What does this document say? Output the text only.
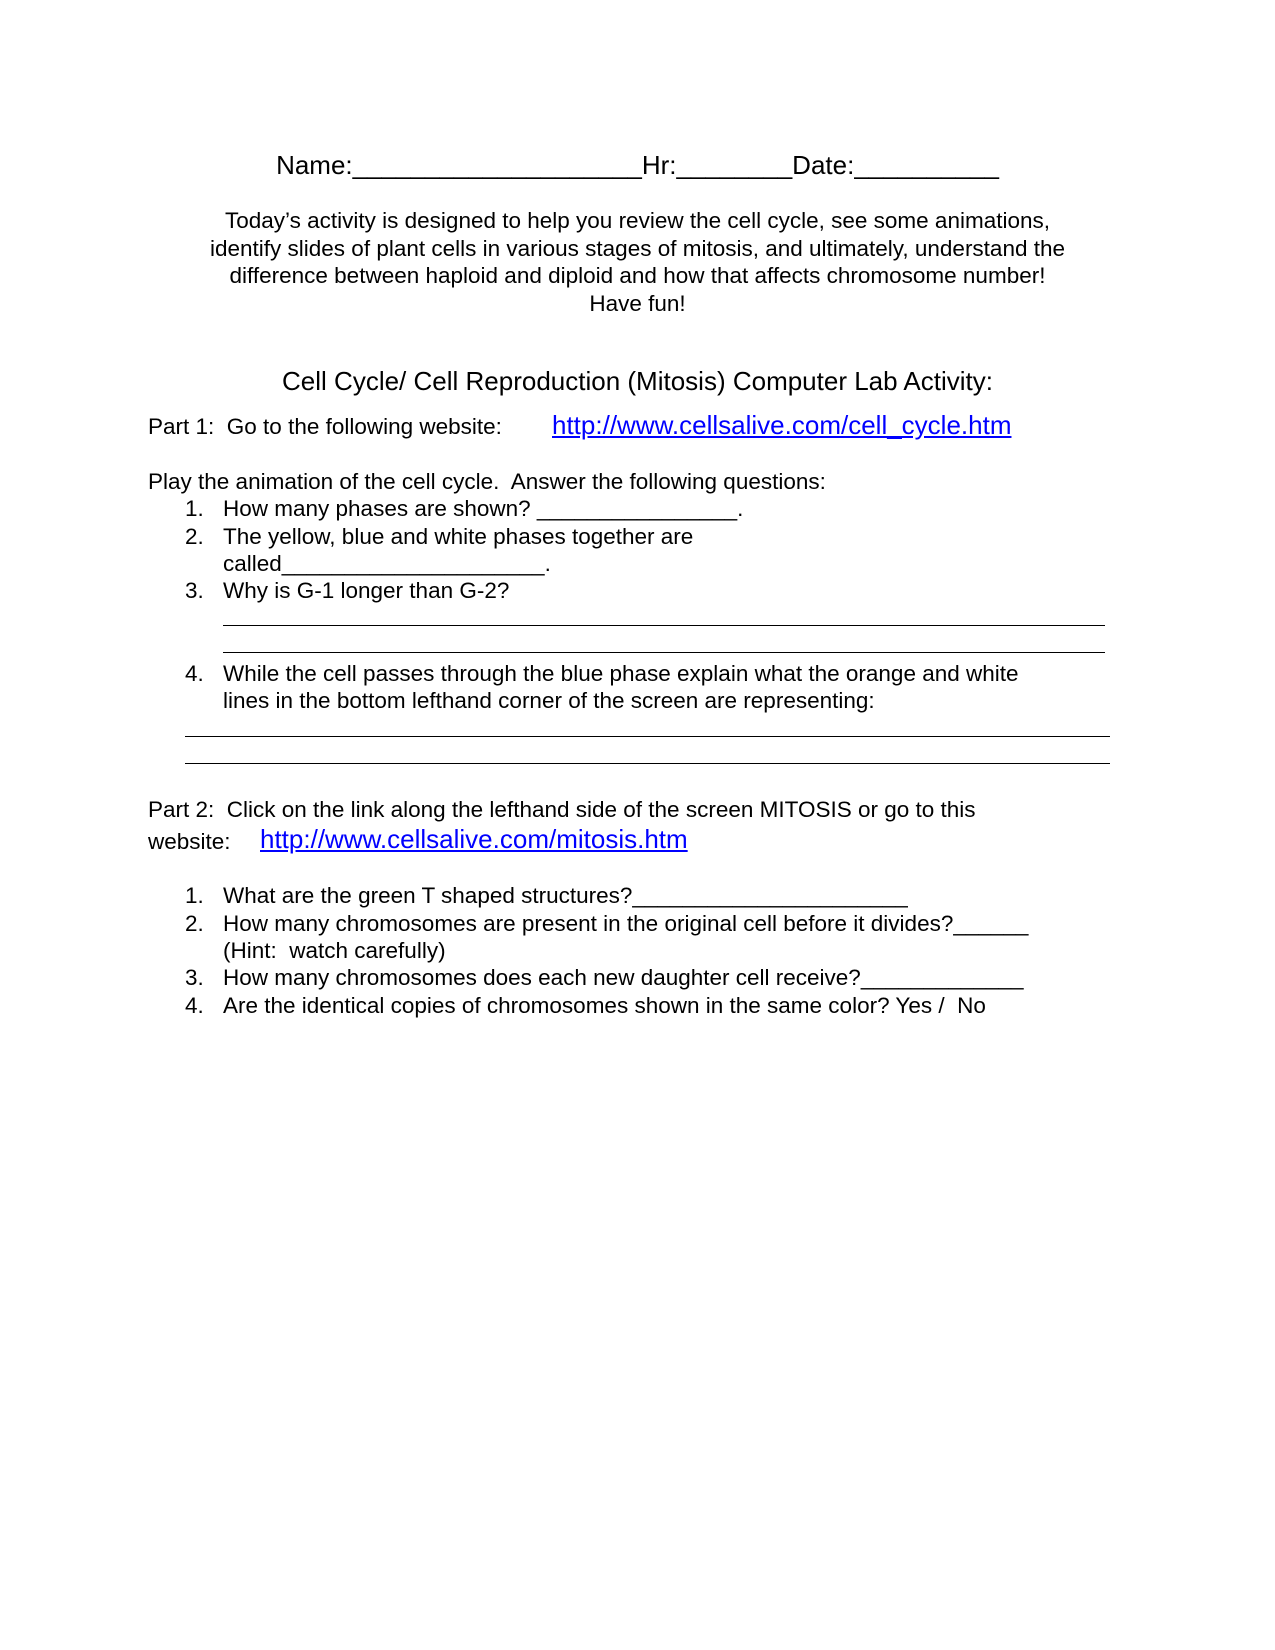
Name:____________________Hr:________Date:__________
Today’s activity is designed to help you review the cell cycle, see some animations,
identify slides of plant cells in various stages of mitosis, and ultimately, understand the
difference between haploid and diploid and how that affects chromosome number!
Have fun!
Cell Cycle/ Cell Reproduction (Mitosis) Computer Lab Activity:
Part 1:  Go to the following website: http://www.cellsalive.com/cell_cycle.htm
Play the animation of the cell cycle.  Answer the following questions:
1. How many phases are shown? ________________.
2. The yellow, blue and white phases together are
called_____________________.
3. Why is G-1 longer than G-2?
4. While the cell passes through the blue phase explain what the orange and white
lines in the bottom lefthand corner of the screen are representing:
Part 2:  Click on the link along the lefthand side of the screen MITOSIS or go to this
website: http://www.cellsalive.com/mitosis.htm
1. What are the green T shaped structures?______________________
2. How many chromosomes are present in the original cell before it divides?______
(Hint:  watch carefully)
3. How many chromosomes does each new daughter cell receive?_____________
4. Are the identical copies of chromosomes shown in the same color? Yes /  No
